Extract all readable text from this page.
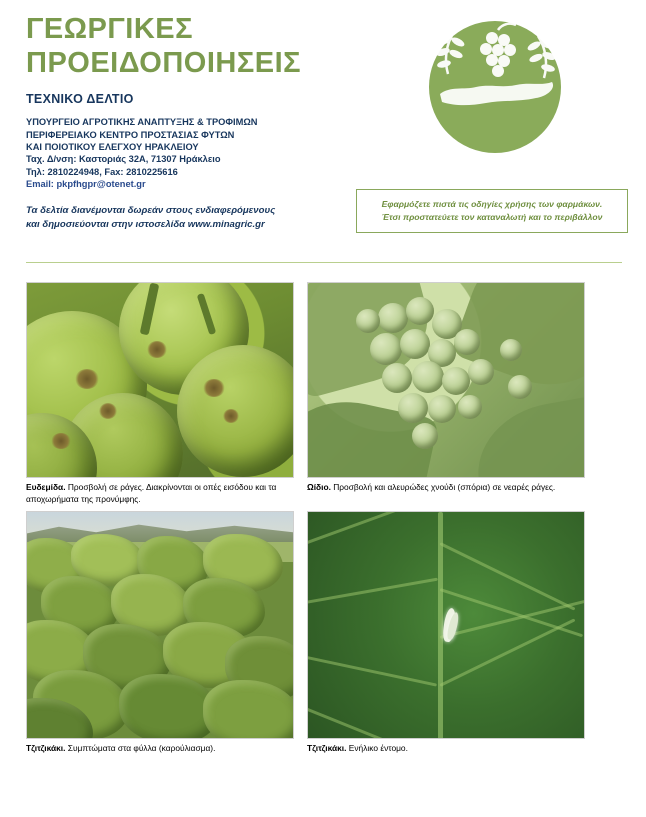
ΓΕΩΡΓΙΚΕΣ
ΠΡΟΕΙΔΟΠΟΙΗΣΕΙΣ
ΤΕΧΝΙΚΟ ΔΕΛΤΙΟ
ΥΠΟΥΡΓΕΙΟ ΑΓΡΟΤΙΚΗΣ ΑΝΑΠΤΥΞΗΣ & ΤΡΟΦΙΜΩΝ
ΠΕΡΙΦΕΡΕΙΑΚΟ ΚΕΝΤΡΟ ΠΡΟΣΤΑΣΙΑΣ ΦΥΤΩΝ
ΚΑΙ ΠΟΙΟΤΙΚΟΥ ΕΛΕΓΧΟΥ ΗΡΑΚΛΕΙΟΥ
Ταχ. Δ/νση: Καστοριάς 32Α, 71307 Ηράκλειο
Τηλ: 2810224948, Fax: 2810225616
Email: pkpfhgpr@otenet.gr
Τα δελτία διανέμονται δωρεάν στους ενδιαφερόμενους
και δημοσιεύονται στην ιστοσελίδα www.minagric.gr
Εφαρμόζετε πιστά τις οδηγίες χρήσης των φαρμάκων.
Έτσι προστατεύετε τον καταναλωτή και το περιβάλλον
Ευδεμίδα. Προσβολή σε ράγες. Διακρίνονται οι οπές εισόδου και τα αποχωρήματα της προνύμφης.
Ωίδιο. Προσβολή και αλευρώδες χνούδι (σπόρια) σε νεαρές ράγες.
Τζιτζικάκι. Συμπτώματα στα φύλλα (καρούλιασμα).	Τζιτζικάκι. Ενήλικο έντομο.
